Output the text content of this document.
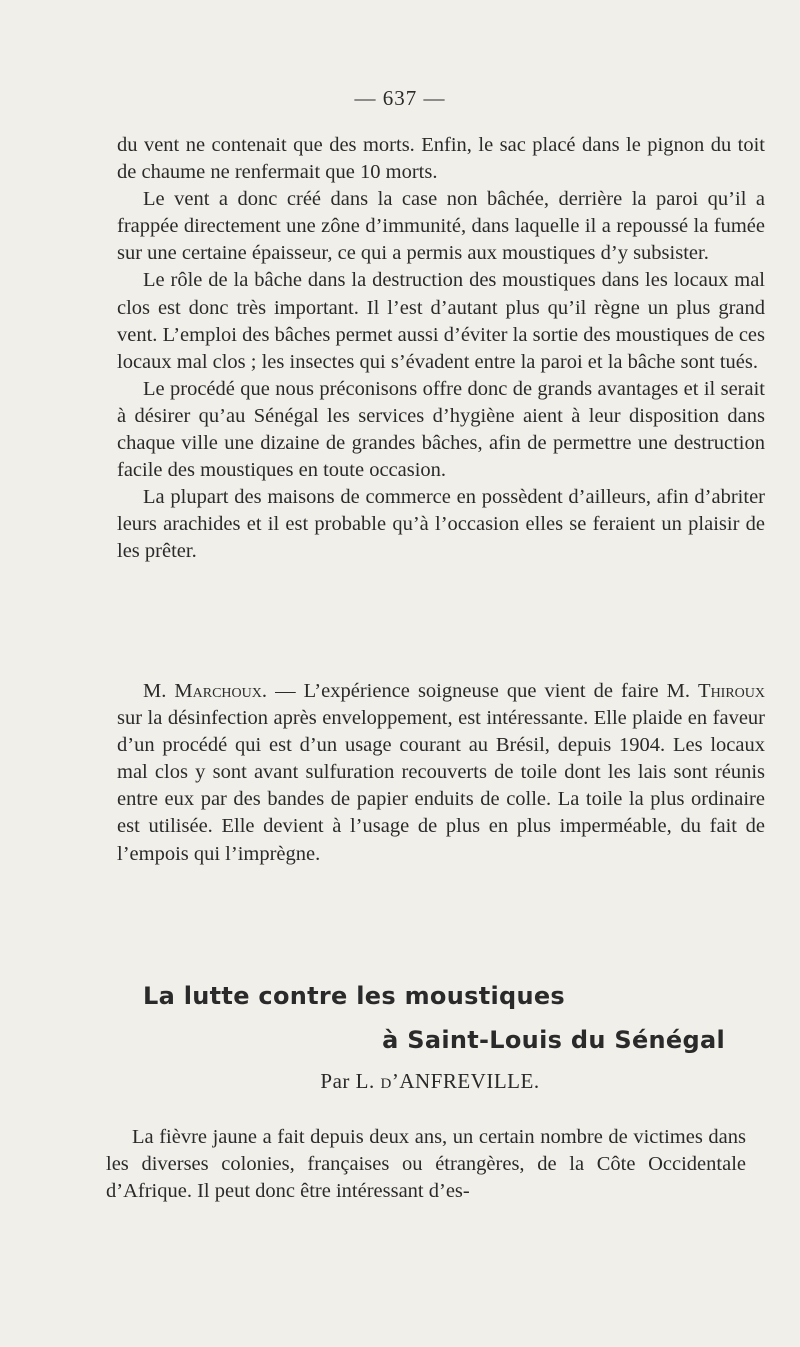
— 637 —

du vent ne contenait que des morts. Enfin, le sac placé dans le pignon du toit de chaume ne renfermait que 10 morts.

Le vent a donc créé dans la case non bâchée, derrière la paroi qu’il a frappée directement une zône d’immunité, dans laquelle il a repoussé la fumée sur une certaine épaisseur, ce qui a permis aux moustiques d’y subsister.

Le rôle de la bâche dans la destruction des moustiques dans les locaux mal clos est donc très important. Il l’est d’autant plus qu’il règne un plus grand vent. L’emploi des bâches permet aussi d’éviter la sortie des moustiques de ces locaux mal clos ; les insectes qui s’évadent entre la paroi et la bâche sont tués.

Le procédé que nous préconisons offre donc de grands avantages et il serait à désirer qu’au Sénégal les services d’hygiène aient à leur disposition dans chaque ville une dizaine de grandes bâches, afin de permettre une destruction facile des moustiques en toute occasion.

La plupart des maisons de commerce en possèdent d’ailleurs, afin d’abriter leurs arachides et il est probable qu’à l’occasion elles se feraient un plaisir de les prêter.

M. Marchoux. — L’expérience soigneuse que vient de faire M. Thiroux sur la désinfection après enveloppement, est intéressante. Elle plaide en faveur d’un procédé qui est d’un usage courant au Brésil, depuis 1904. Les locaux mal clos y sont avant sulfuration recouverts de toile dont les lais sont réunis entre eux par des bandes de papier enduits de colle. La toile la plus ordinaire est utilisée. Elle devient à l’usage de plus en plus imperméable, du fait de l’empois qui l’imprègne.

La lutte contre les moustiques
à Saint-Louis du Sénégal
Par L. d’ANFREVILLE.

La fièvre jaune a fait depuis deux ans, un certain nombre de victimes dans les diverses colonies, françaises ou étrangères, de la Côte Occidentale d’Afrique. Il peut donc être intéressant d’es-
